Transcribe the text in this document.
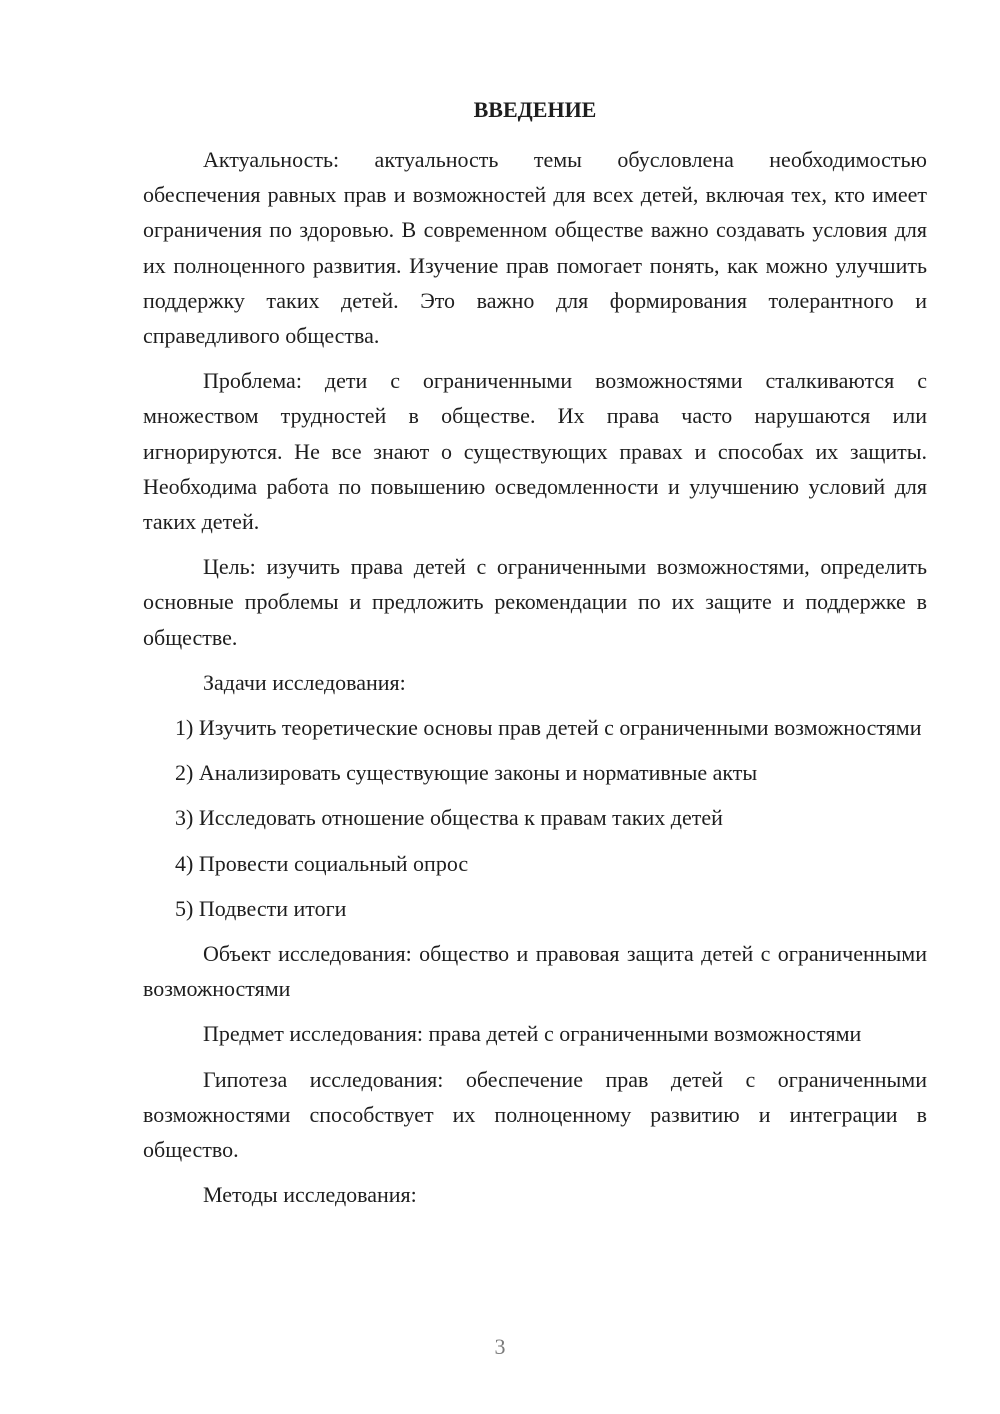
ВВЕДЕНИЕ

Актуальность: актуальность темы обусловлена необходимостью обеспечения равных прав и возможностей для всех детей, включая тех, кто имеет ограничения по здоровью. В современном обществе важно создавать условия для их полноценного развития. Изучение прав помогает понять, как можно улучшить поддержку таких детей. Это важно для формирования толерантного и справедливого общества.

Проблема: дети с ограниченными возможностями сталкиваются с множеством трудностей в обществе. Их права часто нарушаются или игнорируются. Не все знают о существующих правах и способах их защиты. Необходима работа по повышению осведомленности и улучшению условий для таких детей.

Цель: изучить права детей с ограниченными возможностями, определить основные проблемы и предложить рекомендации по их защите и поддержке в обществе.

Задачи исследования:

1) Изучить теоретические основы прав детей с ограниченными возможностями

2) Анализировать существующие законы и нормативные акты

3) Исследовать отношение общества к правам таких детей

4) Провести социальный опрос

5) Подвести итоги

Объект исследования: общество и правовая защита детей с ограниченными возможностями

Предмет исследования: права детей с ограниченными возможностями

Гипотеза исследования: обеспечение прав детей с ограниченными возможностями способствует их полноценному развитию и интеграции в общество.

Методы исследования:

3
